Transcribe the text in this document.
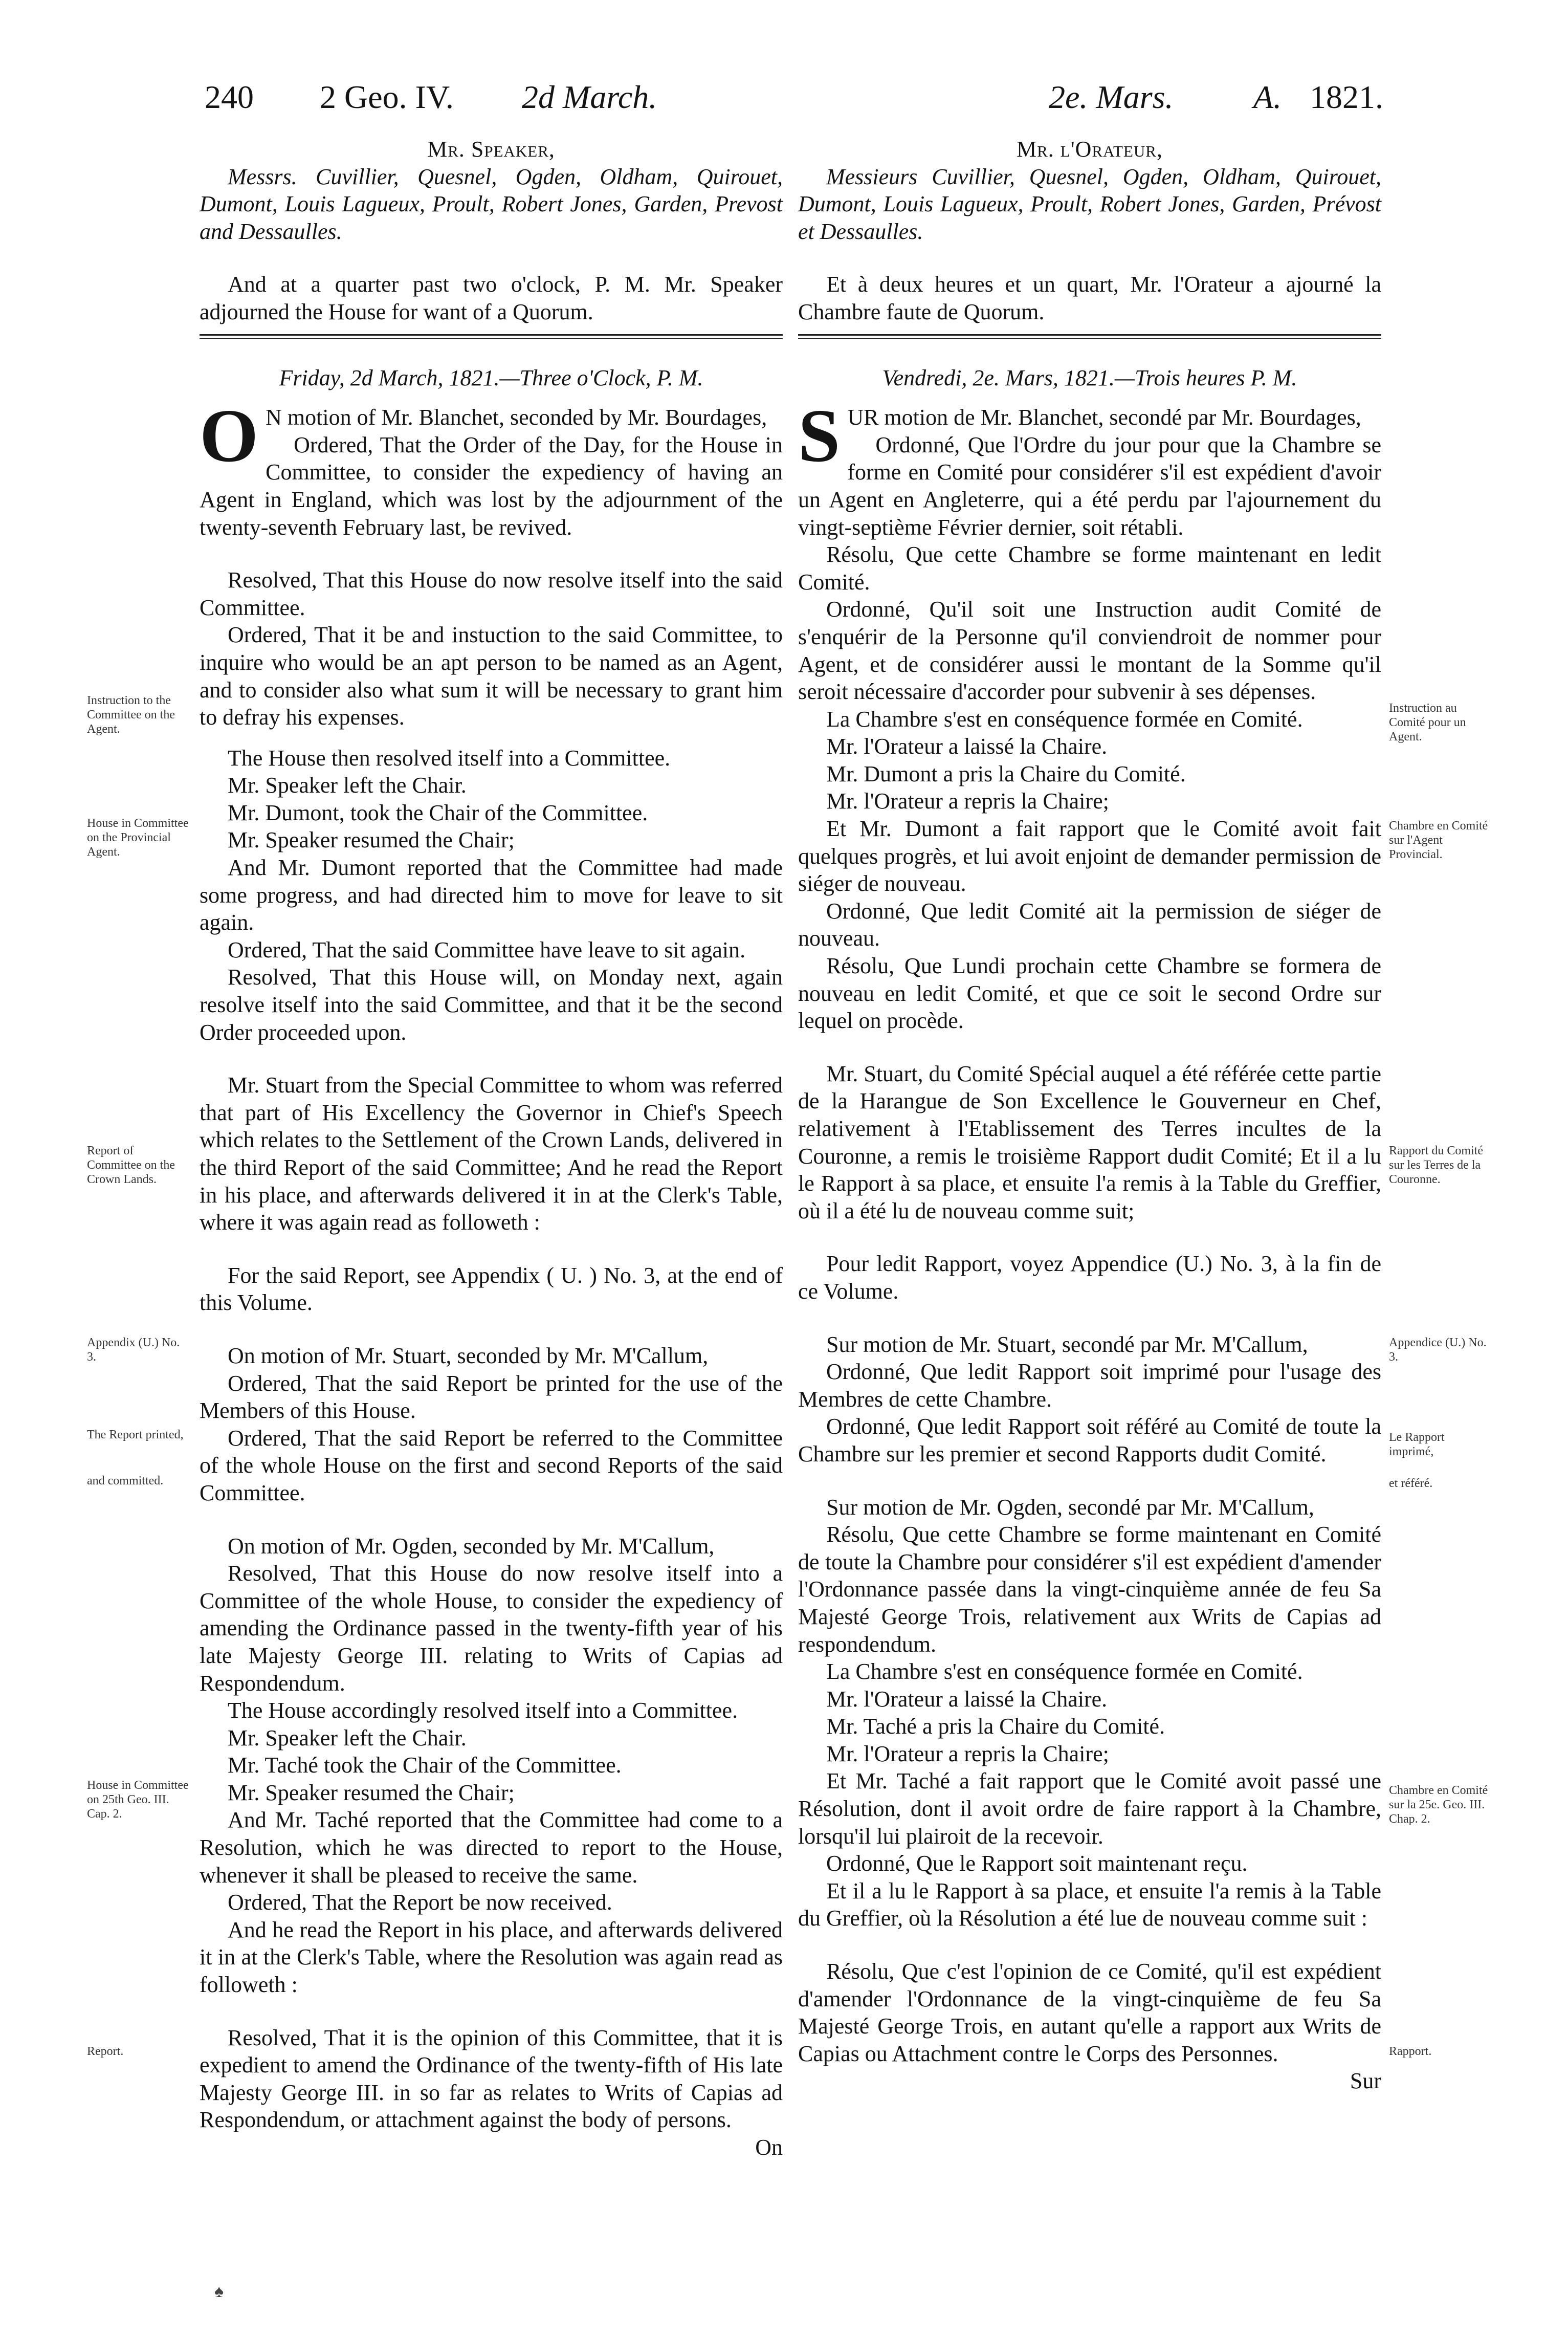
240 2 Geo. IV. 2d March.	2e. Mars. A. 1821.

Mr. Speaker,

Messrs. Cuvillier, Quesnel, Ogden, Oldham, Quirouet, Dumont, Louis Lagueux, Proult, Robert Jones, Garden, Prevost and Dessaulles.

And at a quarter past two o'clock, P. M. Mr. Speaker adjourned the House for want of a Quorum.

Friday, 2d March, 1821.—Three o'Clock, P. M.

O N motion of Mr. Blanchet, seconded by Mr. Bourdages,

Ordered, That the Order of the Day, for the House in Committee, to consider the expediency of having an Agent in England, which was lost by the adjournment of the twenty-seventh February last, be revived.

Resolved, That this House do now resolve itself into the said Committee.

Ordered, That it be and instuction to the said Committee, to inquire who would be an apt person to be named as an Agent, and to consider also what sum it will be necessary to grant him to defray his expenses.

The House then resolved itself into a Committee.

Mr. Speaker left the Chair.

Mr. Dumont, took the Chair of the Committee.

Mr. Speaker resumed the Chair;

And Mr. Dumont reported that the Committee had made some progress, and had directed him to move for leave to sit again.

Ordered, That the said Committee have leave to sit again.

Resolved, That this House will, on Monday next, again resolve itself into the said Committee, and that it be the second Order proceeded upon.

Mr. Stuart from the Special Committee to whom was referred that part of His Excellency the Governor in Chief's Speech which relates to the Settlement of the Crown Lands, delivered in the third Report of the said Committee; And he read the Report in his place, and afterwards delivered it in at the Clerk's Table, where it was again read as followeth :

For the said Report, see Appendix ( U. ) No. 3, at the end of this Volume.

On motion of Mr. Stuart, seconded by Mr. M'Callum,

Ordered, That the said Report be printed for the use of the Members of this House.

Ordered, That the said Report be referred to the Committee of the whole House on the first and second Reports of the said Committee.

On motion of Mr. Ogden, seconded by Mr. M'Callum,

Resolved, That this House do now resolve itself into a Committee of the whole House, to consider the expediency of amending the Ordinance passed in the twenty-fifth year of his late Majesty George III. relating to Writs of Capias ad Respondendum.

The House accordingly resolved itself into a Committee.

Mr. Speaker left the Chair.

Mr. Taché took the Chair of the Committee.

Mr. Speaker resumed the Chair;

And Mr. Taché reported that the Committee had come to a Resolution, which he was directed to report to the House, whenever it shall be pleased to receive the same.

Ordered, That the Report be now received.

And he read the Report in his place, and afterwards delivered it in at the Clerk's Table, where the Resolution was again read as followeth :

Resolved, That it is the opinion of this Committee, that it is expedient to amend the Ordinance of the twenty-fifth of His late Majesty George III. in so far as relates to Writs of Capias ad Respondendum, or attachment against the body of persons.

On

Mr. l'Orateur,

Messieurs Cuvillier, Quesnel, Ogden, Oldham, Quirouet, Dumont, Louis Lagueux, Proult, Robert Jones, Garden, Prévost et Dessaulles.

Et à deux heures et un quart, Mr. l'Orateur a ajourné la Chambre faute de Quorum.

Vendredi, 2e. Mars, 1821.—Trois heures P. M.

SUR motion de Mr. Blanchet, secondé par Mr. Bourdages,

Ordonné, Que l'Ordre du jour pour que la Chambre se forme en Comité pour considérer s'il est expédient d'avoir un Agent en Angleterre, qui a été perdu par l'ajournement du vingt-septième Février dernier, soit rétabli.

Résolu, Que cette Chambre se forme maintenant en ledit Comité.

Ordonné, Qu'il soit une Instruction audit Comité de s'enquérir de la Personne qu'il conviendroit de nommer pour Agent, et de considérer aussi le montant de la Somme qu'il seroit nécessaire d'accorder pour subvenir à ses dépenses.

La Chambre s'est en conséquence formée en Comité.

Mr. l'Orateur a laissé la Chaire.

Mr. Dumont a pris la Chaire du Comité.

Mr. l'Orateur a repris la Chaire;

Et Mr. Dumont a fait rapport que le Comité avoit fait quelques progrès, et lui avoit enjoint de demander permission de siéger de nouveau.

Ordonné, Que ledit Comité ait la permission de siéger de nouveau.

Résolu, Que Lundi prochain cette Chambre se formera de nouveau en ledit Comité, et que ce soit le second Ordre sur lequel on procède.

Mr. Stuart, du Comité Spécial auquel a été référée cette partie de la Harangue de Son Excellence le Gouverneur en Chef, relativement à l'Etablissement des Terres incultes de la Couronne, a remis le troisième Rapport dudit Comité; Et il a lu le Rapport à sa place, et ensuite l'a remis à la Table du Greffier, où il a été lu de nouveau comme suit;

Pour ledit Rapport, voyez Appendice (U.) No. 3, à la fin de ce Volume.

Sur motion de Mr. Stuart, secondé par Mr. M'Callum,

Ordonné, Que ledit Rapport soit imprimé pour l'usage des Membres de cette Chambre.

Ordonné, Que ledit Rapport soit référé au Comité de toute la Chambre sur les premier et second Rapports dudit Comité.

Sur motion de Mr. Ogden, secondé par Mr. M'Callum,

Résolu, Que cette Chambre se forme maintenant en Comité de toute la Chambre pour considérer s'il est expédient d'amender l'Ordonnance passée dans la vingt-cinquième année de feu Sa Majesté George Trois, relativement aux Writs de Capias ad respondendum.

La Chambre s'est en conséquence formée en Comité.

Mr. l'Orateur a laissé la Chaire.

Mr. Taché a pris la Chaire du Comité.

Mr. l'Orateur a repris la Chaire;

Et Mr. Taché a fait rapport que le Comité avoit passé une Résolution, dont il avoit ordre de faire rapport à la Chambre, lorsqu'il lui plairoit de la recevoir.

Ordonné, Que le Rapport soit maintenant reçu.

Et il a lu le Rapport à sa place, et ensuite l'a remis à la Table du Greffier, où la Résolution a été lue de nouveau comme suit :

Résolu, Que c'est l'opinion de ce Comité, qu'il est expédient d'amender l'Ordonnance de la vingt-cinquième de feu Sa Majesté George Trois, en autant qu'elle a rapport aux Writs de Capias ou Attachment contre le Corps des Personnes.

Sur

Instruction to the Committee on the Agent.
House in Committee on the Provincial Agent.
Report of Committee on the Crown Lands.
Appendix (U.) No. 3.
The Report printed,
and committed.
House in Committee on 25th Geo. III. Cap. 2.
Report.
Instruction au Comité pour un Agent.
Chambre en Comité sur l'Agent Provincial.
Rapport du Comité sur les Terres de la Couronne.
Appendice (U.) No. 3.
Le Rapport imprimé,
et référé.
Chambre en Comité sur la 25e. Geo. III. Chap. 2.
Rapport.
♠
